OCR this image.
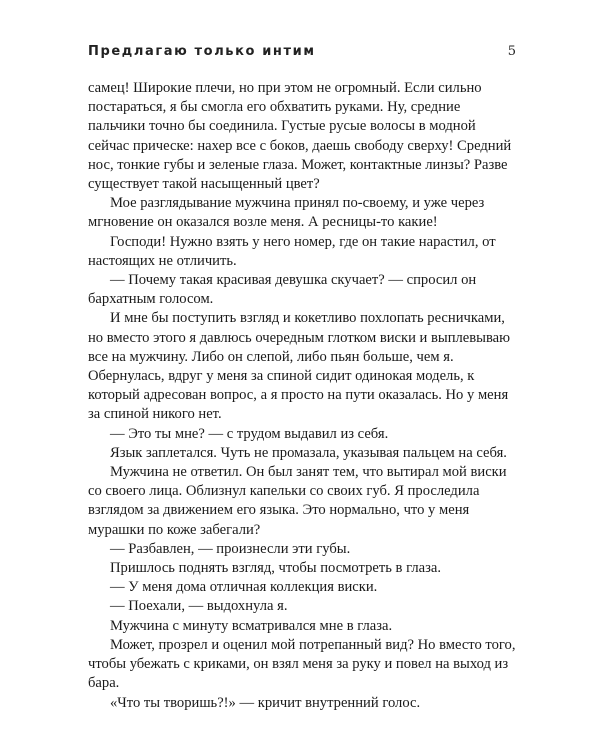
Предлагаю только интим	5

самец! Широкие плечи, но при этом не огромный. Если сильно постараться, я бы смогла его обхватить руками. Ну, средние пальчики точно бы соединила. Густые русые волосы в модной сейчас прическе: нахер все с боков, даешь свободу сверху! Средний нос, тонкие губы и зеленые глаза. Может, контактные линзы? Разве существует такой насыщенный цвет?

Мое разглядывание мужчина принял по-своему, и уже через мгновение он оказался возле меня. А ресницы-то какие!

Господи! Нужно взять у него номер, где он такие нарастил, от настоящих не отличить.

— Почему такая красивая девушка скучает? — спросил он бархатным голосом.

И мне бы поступить взгляд и кокетливо похлопать ресничками, но вместо этого я давлюсь очередным глотком виски и выплевываю все на мужчину. Либо он слепой, либо пьян больше, чем я. Обернулась, вдруг у меня за спиной сидит одинокая модель, к который адресован вопрос, а я просто на пути оказалась. Но у меня за спиной никого нет.

— Это ты мне? — с трудом выдавил из себя.

Язык заплетался. Чуть не промазала, указывая пальцем на себя.

Мужчина не ответил. Он был занят тем, что вытирал мой виски со своего лица. Облизнул капельки со своих губ. Я проследила взглядом за движением его языка. Это нормально, что у меня мурашки по коже забегали?

— Разбавлен, — произнесли эти губы.

Пришлось поднять взгляд, чтобы посмотреть в глаза.

— У меня дома отличная коллекция виски.

— Поехали, — выдохнула я.

Мужчина с минуту всматривался мне в глаза.

Может, прозрел и оценил мой потрепанный вид? Но вместо того, чтобы убежать с криками, он взял меня за руку и повел на выход из бара.

«Что ты творишь?!» — кричит внутренний голос.
